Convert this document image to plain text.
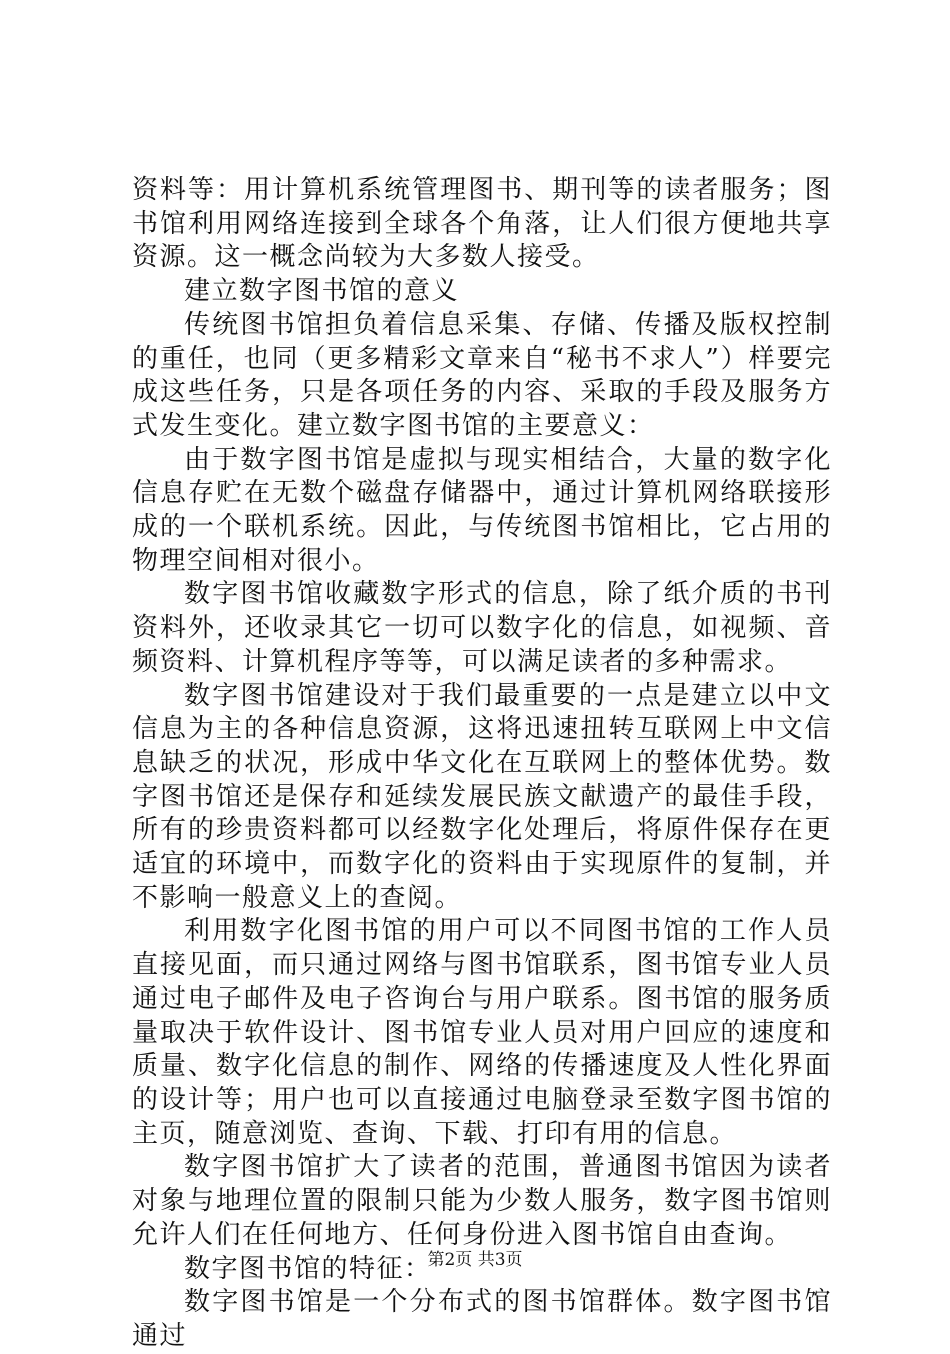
资料等：用计算机系统管理图书、期刊等的读者服务；图书馆利用网络连接到全球各个角落，让人们很方便地共享资源。这一概念尚较为大多数人接受。

建立数字图书馆的意义

传统图书馆担负着信息采集、存储、传播及版权控制的重任，也同（更多精彩文章来自“秘书不求人”）样要完成这些任务，只是各项任务的内容、采取的手段及服务方式发生变化。建立数字图书馆的主要意义：

由于数字图书馆是虚拟与现实相结合，大量的数字化信息存贮在无数个磁盘存储器中，通过计算机网络联接形成的一个联机系统。因此，与传统图书馆相比，它占用的物理空间相对很小。

数字图书馆收藏数字形式的信息，除了纸介质的书刊资料外，还收录其它一切可以数字化的信息，如视频、音频资料、计算机程序等等，可以满足读者的多种需求。

数字图书馆建设对于我们最重要的一点是建立以中文信息为主的各种信息资源，这将迅速扭转互联网上中文信息缺乏的状况，形成中华文化在互联网上的整体优势。数字图书馆还是保存和延续发展民族文献遗产的最佳手段，所有的珍贵资料都可以经数字化处理后，将原件保存在更适宜的环境中，而数字化的资料由于实现原件的复制，并不影响一般意义上的查阅。

利用数字化图书馆的用户可以不同图书馆的工作人员直接见面，而只通过网络与图书馆联系，图书馆专业人员通过电子邮件及电子咨询台与用户联系。图书馆的服务质量取决于软件设计、图书馆专业人员对用户回应的速度和质量、数字化信息的制作、网络的传播速度及人性化界面的设计等；用户也可以直接通过电脑登录至数字图书馆的主页，随意浏览、查询、下载、打印有用的信息。

数字图书馆扩大了读者的范围，普通图书馆因为读者对象与地理位置的限制只能为少数人服务，数字图书馆则允许人们在任何地方、任何身份进入图书馆自由查询。

数字图书馆的特征：

数字图书馆是一个分布式的图书馆群体。数字图书馆通过

第2页 共3页
